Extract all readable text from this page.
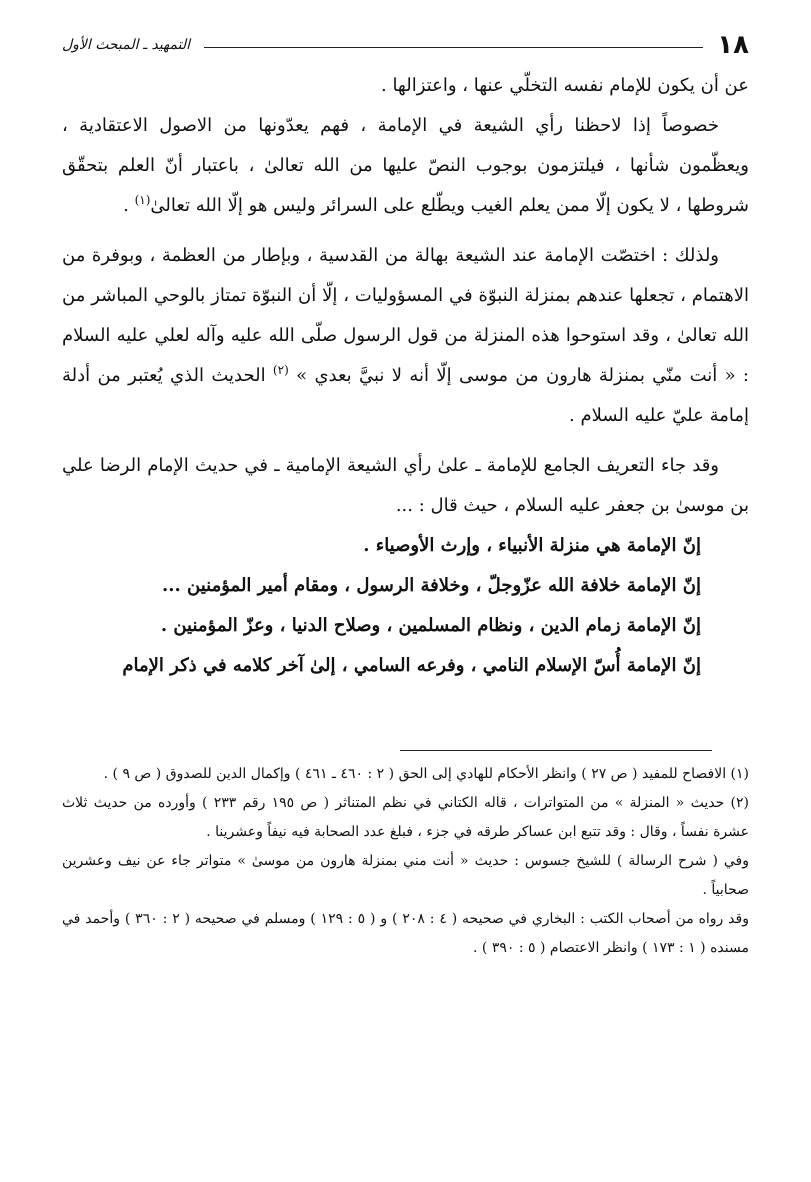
١٨
التمهيد ـ المبحث الأول

عن أن يكون للإمام نفسه التخلّي عنها ، واعتزالها .

خصوصاً إذا لاحظنا رأي الشيعة في الإمامة ، فهم يعدّونها من الاصول الاعتقادية ، ويعظّمون شأنها ، فيلتزمون بوجوب النصّ عليها من الله تعالىٰ ، باعتبار أنّ العلم بتحقّق شروطها ، لا يكون إلّا ممن يعلم الغيب ويطّلع على السرائر وليس هو إلّا الله تعالىٰ$^{(١)}$ .

ولذلك : اختصّت الإمامة عند الشيعة بهالة من القدسية ، وبإطار من العظمة ، وبوفرة من الاهتمام ، تجعلها عندهم بمنزلة النبوّة في المسؤوليات ، إلّا أن النبوّة تمتاز بالوحي المباشر من الله تعالىٰ ، وقد استوحوا هذه المنزلة من قول الرسول صلّى الله عليه وآله لعلي عليه السلام : « أنت منّي بمنزلة هارون من موسى إلّا أنه لا نبيَّ بعدي » $^{(٢)}$ الحديث الذي يُعتبر من أدلة إمامة عليّ عليه السلام .

وقد جاء التعريف الجامع للإمامة ـ علىٰ رأي الشيعة الإمامية ـ في حديث الإمام الرضا علي بن موسىٰ بن جعفر عليه السلام ، حيث قال : ...

إنّ الإمامة هي منزلة الأنبياء ، وإرث الأوصياء .

إنّ الإمامة خلافة الله عزّوجلّ ، وخلافة الرسول ، ومقام أمير المؤمنين ...

إنّ الإمامة زمام الدين ، ونظام المسلمين ، وصلاح الدنيا ، وعزّ المؤمنين .

إنّ الإمامة أُسّ الإسلام النامي ، وفرعه السامي ، إلىٰ آخر كلامه في ذكر الإمام

(١) الافصاح للمفيد ( ص ٢٧ ) وانظر الأحكام للهادي إلى الحق ( ٢ : ٤٦٠ ـ ٤٦١ ) وإكمال الدين للصدوق ( ص ٩ ) .

(٢) حديث « المنزلة » من المتواترات ، قاله الكتاني في نظم المتناثر ( ص ١٩٥ رقم ٢٣٣ ) وأورده من حديث ثلاث عشرة نفساً ، وقال : وقد تتبع ابن عساكر طرقه في جزء ، فبلغ عدد الصحابة فيه نيفاً وعشرينا .

وفي ( شرح الرسالة ) للشيخ جسوس : حديث « أنت مني بمنزلة هارون من موسىٰ » متواتر جاء عن نيف وعشرين صحابياً .

وقد رواه من أصحاب الكتب : البخاري في صحيحه ( ٤ : ٢٠٨ ) و ( ٥ : ١٢٩ ) ومسلم في صحيحه ( ٢ : ٣٦٠ ) وأحمد في مسنده ( ١ : ١٧٣ ) وانظر الاعتصام ( ٥ : ٣٩٠ ) .
